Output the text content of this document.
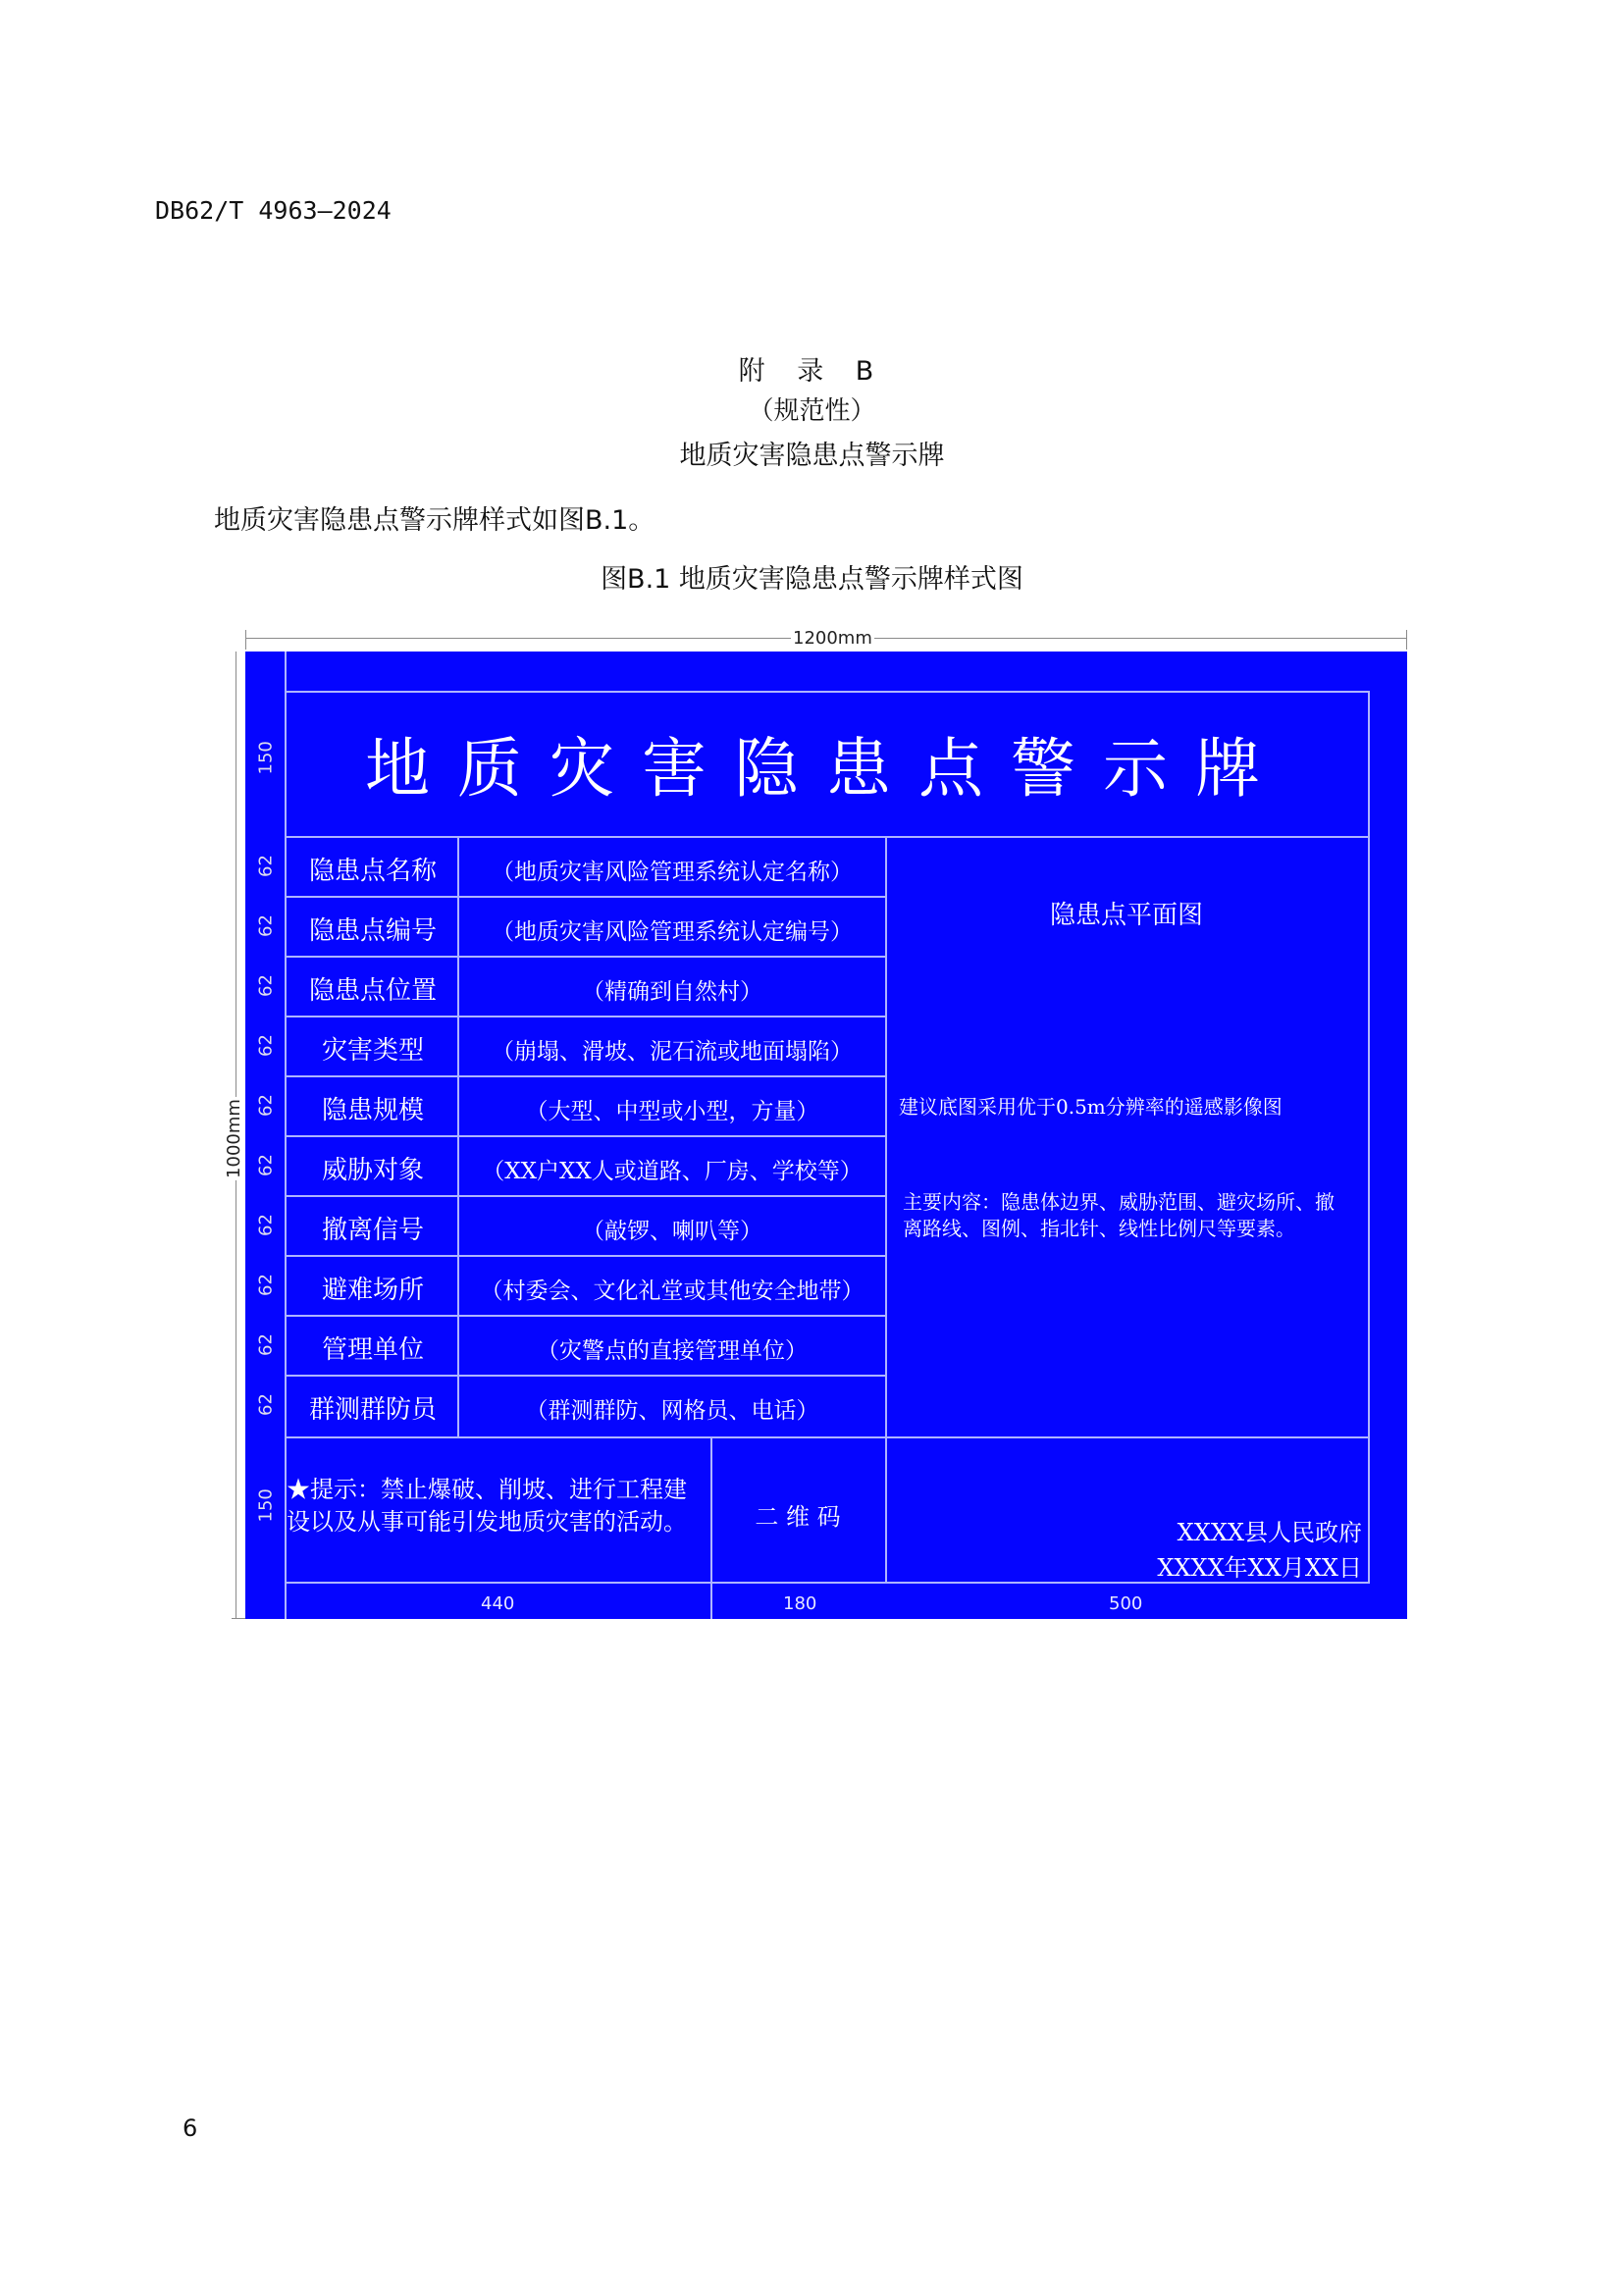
DB62/T 4963—2024
附 录 B
（规范性）
地质灾害隐患点警示牌
地质灾害隐患点警示牌样式如图B.1。
图B.1 地质灾害隐患点警示牌样式图
1200mm
1000mm
150	地质灾害隐患点警示牌
62	隐患点名称	（地质灾害风险管理系统认定名称）
62	隐患点编号	（地质灾害风险管理系统认定编号）
62	隐患点位置	（精确到自然村）
62	灾害类型	（崩塌、滑坡、泥石流或地面塌陷）
62	隐患规模	（大型、中型或小型，方量）
62	威胁对象	（XX户XX人或道路、厂房、学校等）
62	撤离信号	（敲锣、喇叭等）
62	避难场所	（村委会、文化礼堂或其他安全地带）
62	管理单位	（灾警点的直接管理单位）
62	群测群防员	（群测群防、网格员、电话）
隐患点平面图
建议底图采用优于0.5m分辨率的遥感影像图
主要内容：隐患体边界、威胁范围、避灾场所、撤离路线、图例、指北针、线性比例尺等要素。
150 ★提示：禁止爆破、削坡、进行工程建设以及从事可能引发地质灾害的活动。	二 维 码
XXXX县人民政府
XXXX年XX月XX日
440	180	500
6
